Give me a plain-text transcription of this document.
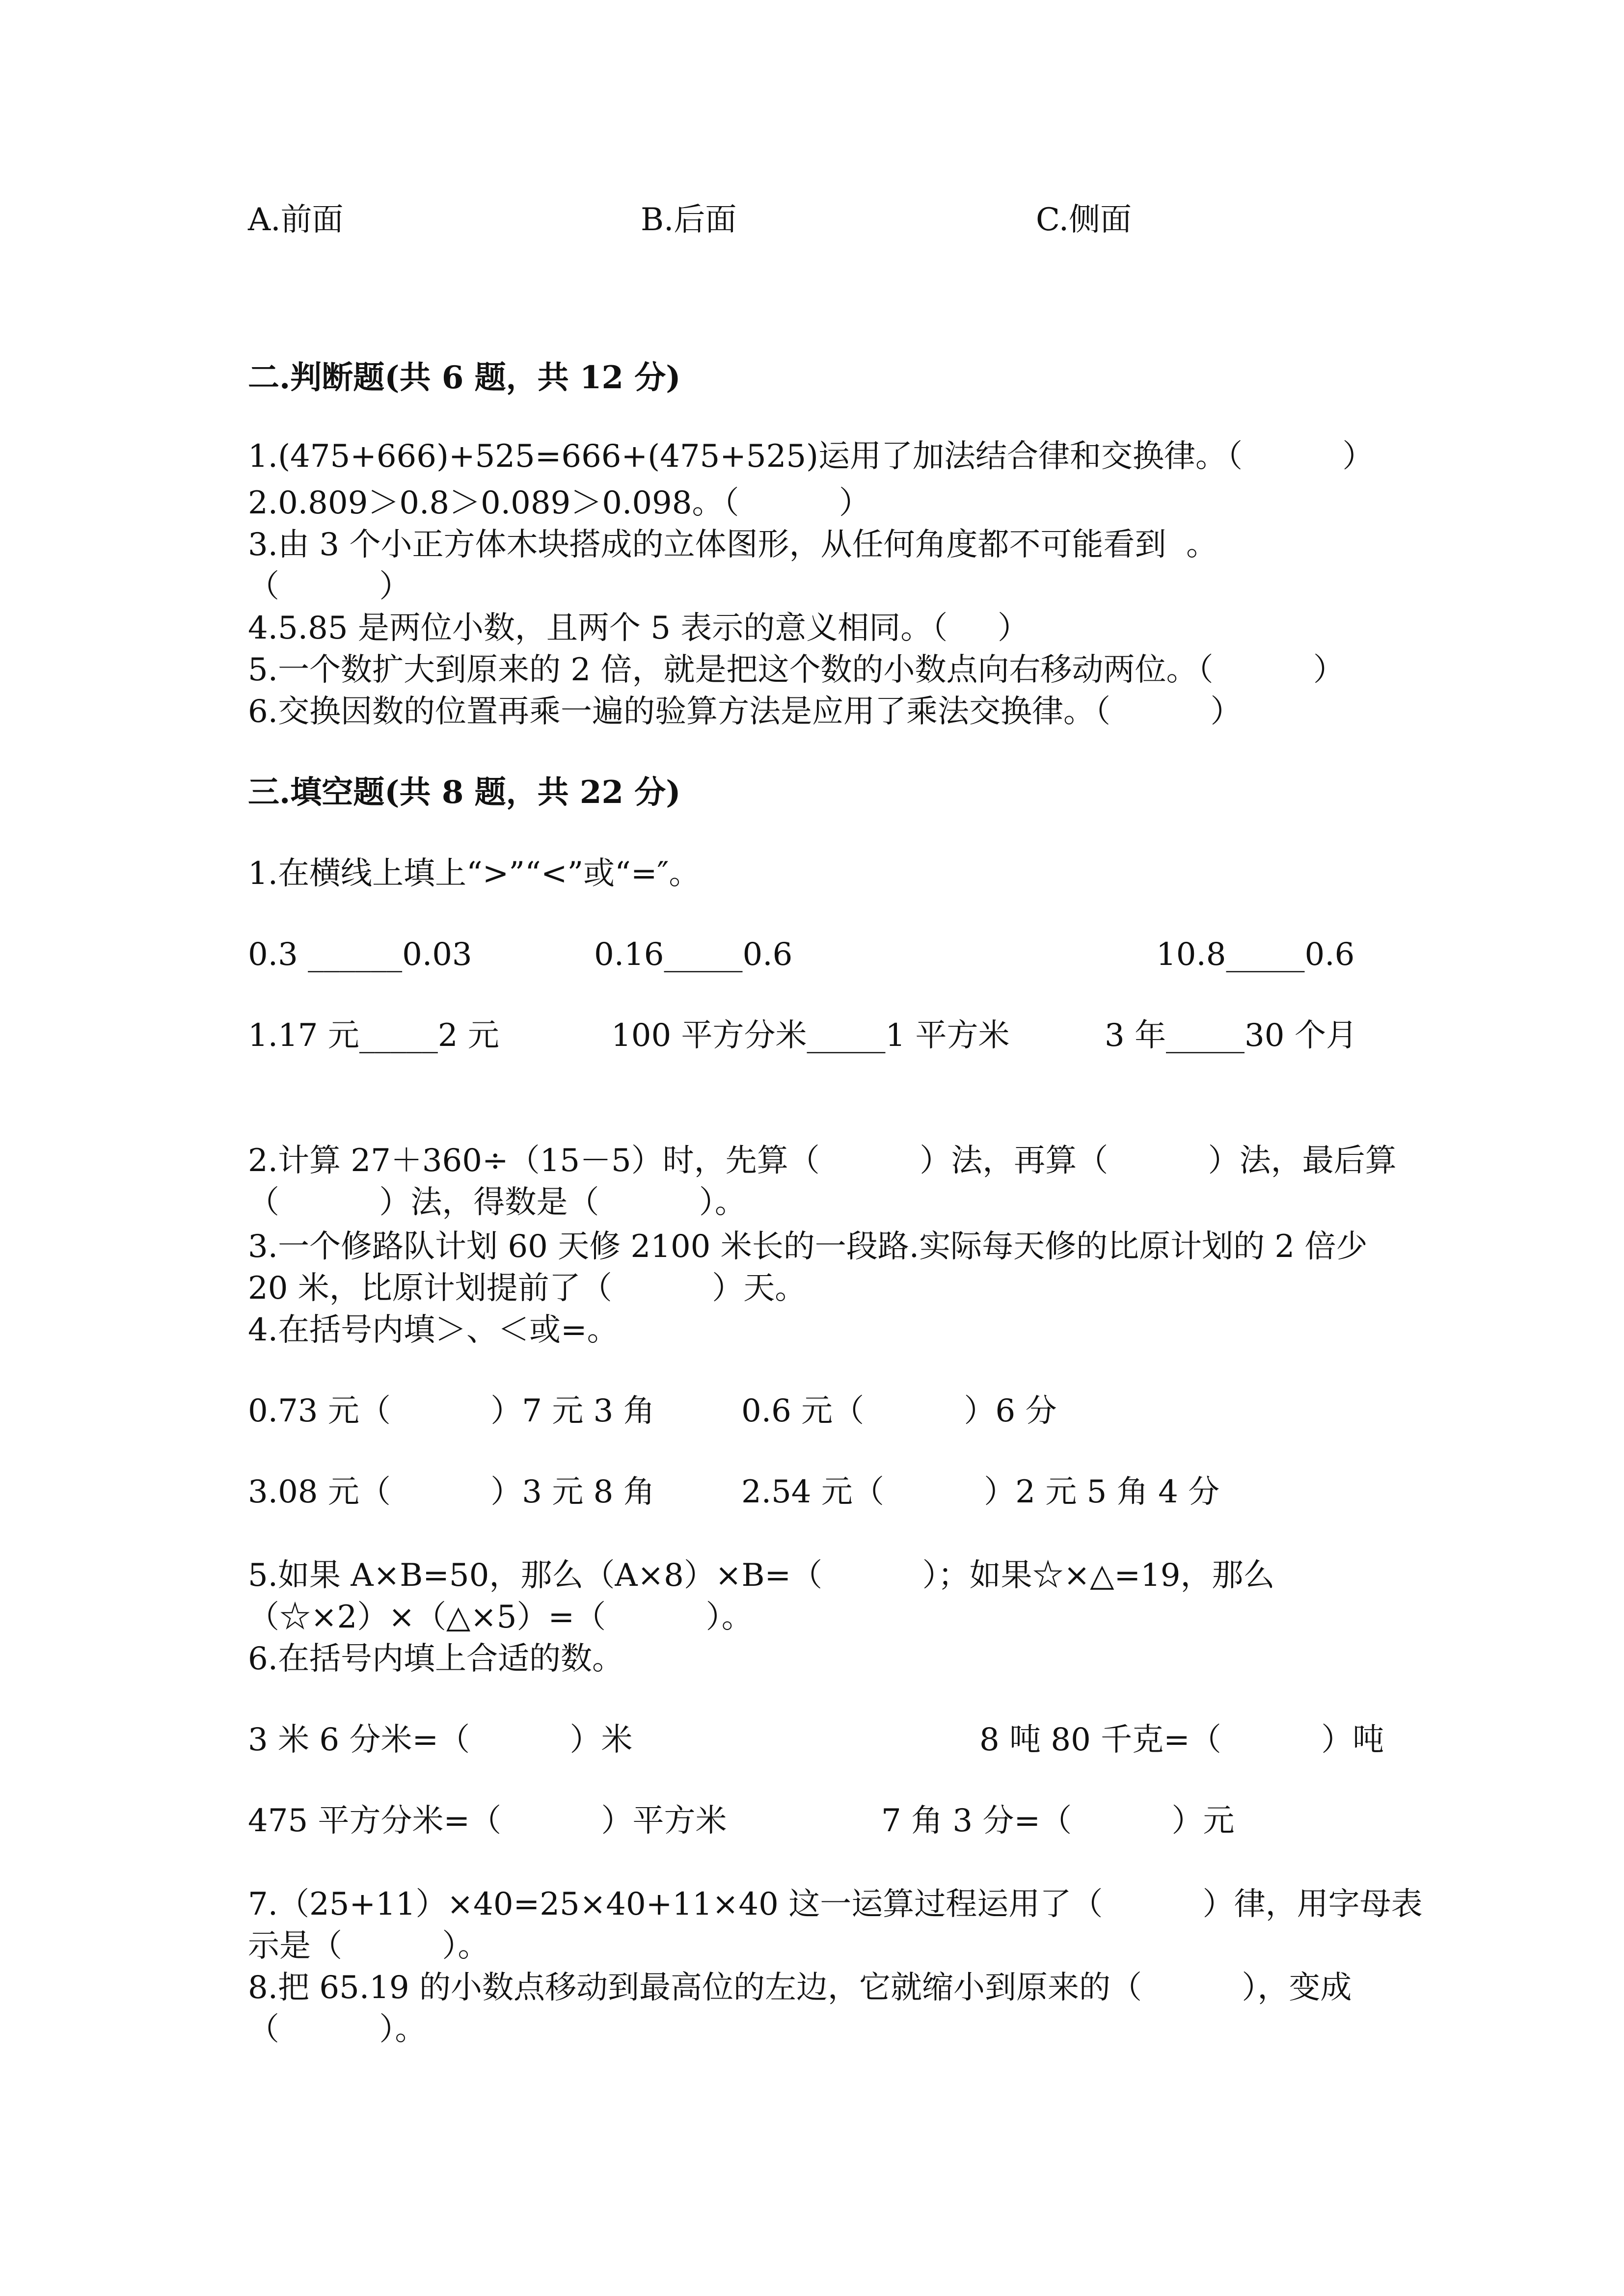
A.前面	B.后面	C.侧面
二.判断题(共 6 题，共 12 分)
1.(475+666)+525=666+(475+525)运用了加法结合律和交换律。（          ）
2.0.809＞0.8＞0.089＞0.098。（          ）
3.由 3 个小正方体木块搭成的立体图形，从任何角度都不可能看到  。
（          ）
4.5.85 是两位小数，且两个 5 表示的意义相同。（     ）
5.一个数扩大到原来的 2 倍，就是把这个数的小数点向右移动两位。（          ）
6.交换因数的位置再乘一遍的验算方法是应用了乘法交换律。（          ）
三.填空题(共 8 题，共 22 分)
1.在横线上填上“>”“<”或“=″。
0.3 ______0.03	0.16_____0.6	10.8_____0.6
1.17 元_____2 元	100 平方分米_____1 平方米	3 年_____30 个月
2.计算 27＋360÷（15－5）时，先算（          ）法，再算（          ）法，最后算
（          ）法，得数是（          ）。
3.一个修路队计划 60 天修 2100 米长的一段路.实际每天修的比原计划的 2 倍少
20 米，比原计划提前了（          ）天。
4.在括号内填＞、＜或=。
0.73 元（          ）7 元 3 角	0.6 元（          ）6 分
3.08 元（          ）3 元 8 角	2.54 元（          ）2 元 5 角 4 分
5.如果 A×B=50，那么（A×8）×B=（          ）；如果☆×△=19，那么
（☆×2）×（△×5）=（          ）。
6.在括号内填上合适的数。
3 米 6 分米=（          ）米	8 吨 80 千克=（          ）吨
475 平方分米=（          ）平方米	7 角 3 分=（          ）元
7.（25+11）×40=25×40+11×40 这一运算过程运用了（          ）律，用字母表
示是（          ）。
8.把 65.19 的小数点移动到最高位的左边，它就缩小到原来的（          ），变成
（          ）。
